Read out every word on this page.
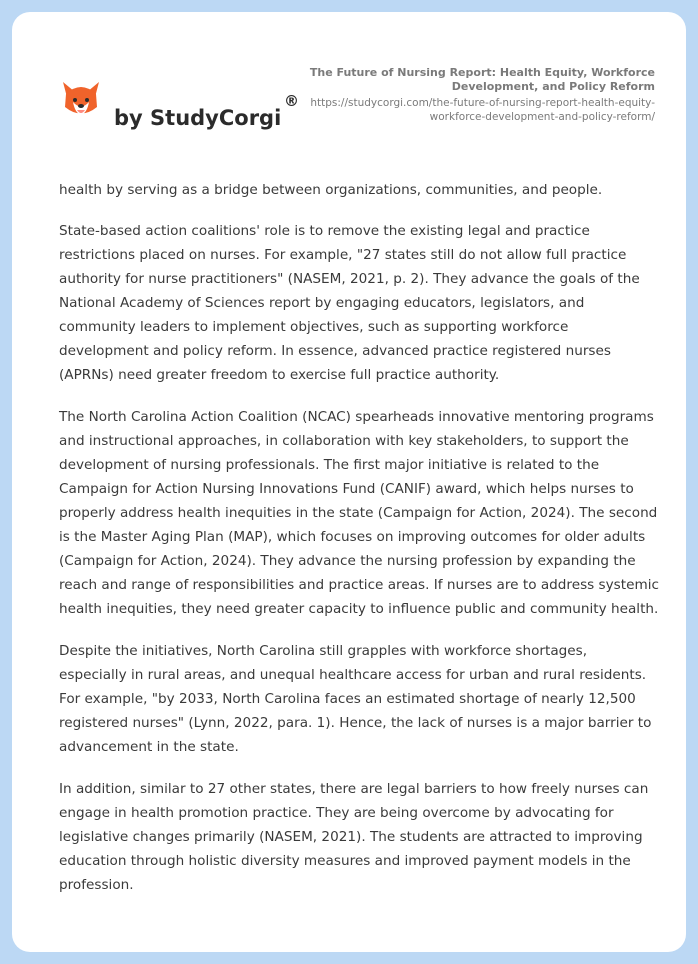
by StudyCorgi
®
The Future of Nursing Report: Health Equity, Workforce Development, and Policy Reform
https://studycorgi.com/the-future-of-nursing-report-health-equity-workforce-development-and-policy-reform/

health by serving as a bridge between organizations, communities, and people.

State-based action coalitions' role is to remove the existing legal and practice restrictions placed on nurses. For example, "27 states still do not allow full practice authority for nurse practitioners" (NASEM, 2021, p. 2). They advance the goals of the National Academy of Sciences report by engaging educators, legislators, and community leaders to implement objectives, such as supporting workforce development and policy reform. In essence, advanced practice registered nurses (APRNs) need greater freedom to exercise full practice authority.

The North Carolina Action Coalition (NCAC) spearheads innovative mentoring programs and instructional approaches, in collaboration with key stakeholders, to support the development of nursing professionals. The first major initiative is related to the Campaign for Action Nursing Innovations Fund (CANIF) award, which helps nurses to properly address health inequities in the state (Campaign for Action, 2024). The second is the Master Aging Plan (MAP), which focuses on improving outcomes for older adults (Campaign for Action, 2024). They advance the nursing profession by expanding the reach and range of responsibilities and practice areas. If nurses are to address systemic health inequities, they need greater capacity to influence public and community health.

Despite the initiatives, North Carolina still grapples with workforce shortages, especially in rural areas, and unequal healthcare access for urban and rural residents. For example, "by 2033, North Carolina faces an estimated shortage of nearly 12,500 registered nurses" (Lynn, 2022, para. 1). Hence, the lack of nurses is a major barrier to advancement in the state.

In addition, similar to 27 other states, there are legal barriers to how freely nurses can engage in health promotion practice. They are being overcome by advocating for legislative changes primarily (NASEM, 2021). The students are attracted to improving education through holistic diversity measures and improved payment models in the profession.
